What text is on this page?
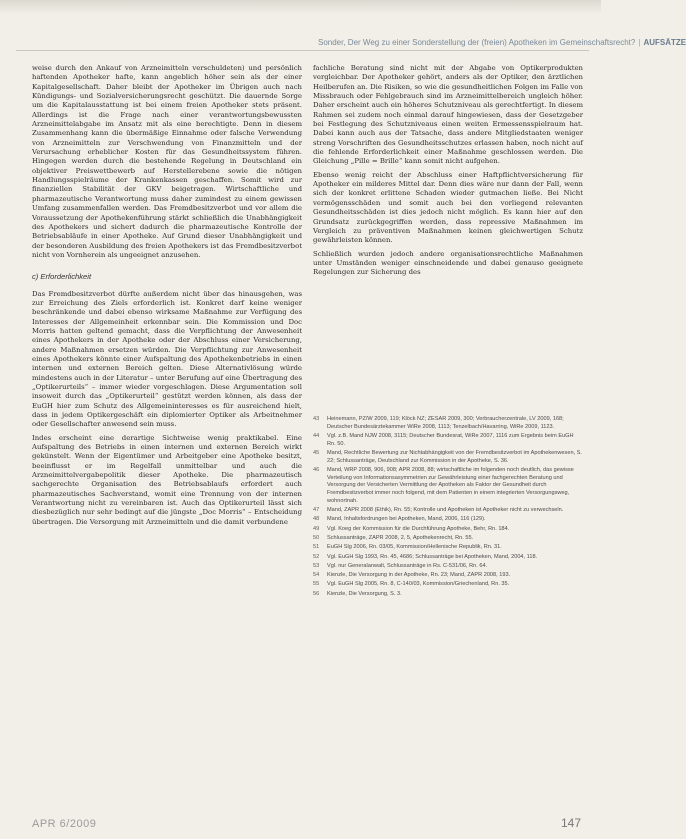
Sonder, Der Weg zu einer Sonderstellung der (freien) Apotheken im Gemeinschaftsrecht? | AUFSÄTZE

weise durch den Ankauf von Arzneimitteln verschuldeten) und persönlich haftenden Apotheker hafte, kann angeblich höher sein als der einer Kapitalgesellschaft. Daher bleibt der Apotheker im Übrigen auch nach Kündigungs- und Sozialversicherungsrecht geschützt. Die dauernde Sorge um die Kapitalausstattung ist bei einem freien Apotheker stets präsent. Allerdings ist die Frage nach einer verantwortungsbewussten Arzneimittelabgabe im Ansatz mit als eine berechtigte. Denn in diesem Zusammenhang kann die übermäßige Einnahme oder falsche Verwendung von Arzneimitteln zur Verschwendung von Finanzmitteln und der Verursachung erheblicher Kosten für das Gesundheitssystem führen. Hingegen werden durch die bestehende Regelung in Deutschland ein objektiver Preiswettbewerb auf Herstellerebene sowie die nötigen Handlungsspielräume der Krankenkassen geschaffen. Somit wird zur finanziellen Stabilität der GKV beigetragen. Wirtschaftliche und pharmazeutische Verantwortung muss daher zumindest zu einem gewissen Umfang zusammenfallen werden. Das Fremdbesitzverbot und vor allem die Voraussetzung der Apothekenführung stärkt schließlich die Unabhängigkeit des Apothekers und sichert dadurch die pharmazeutische Kontrolle der Betriebsabläufe in einer Apotheke. Auf Grund dieser Unabhängigkeit und der besonderen Ausbildung des freien Apothekers ist das Fremdbesitzverbot nicht von Vornherein als ungeeignet anzusehen.

c) Erforderlichkeit

Das Fremdbesitzverbot dürfte außerdem nicht über das hinausgehen, was zur Erreichung des Ziels erforderlich ist. Konkret darf keine weniger beschränkende und dabei ebenso wirksame Maßnahme zur Verfügung des Interesses der Allgemeinheit erkennbar sein. Die Kommission und Doc Morris hatten geltend gemacht, dass die Verpflichtung der Anwesenheit eines Apothekers in der Apotheke oder der Abschluss einer Versicherung, andere Maßnahmen ersetzen würden. Die Verpflichtung zur Anwesenheit eines Apothekers könnte einer Aufspaltung des Apothekenbetriebs in einen internen und externen Bereich gelten. Diese Alternativlösung würde mindestens auch in der Literatur – unter Berufung auf eine Übertragung des „Optikerurteils“ – immer wieder vorgeschlagen. Diese Argumentation soll insoweit durch das „Optikerurteil“ gestützt werden können, als dass der EuGH hier zum Schutz des Allgemeininteresses es für ausreichend hielt, dass in jedem Optikergeschäft ein diplomierter Optiker als Arbeitnehmer oder Gesellschafter anwesend sein muss.

Indes erscheint eine derartige Sichtweise wenig praktikabel. Eine Aufspaltung des Betriebs in einen internen und externen Bereich wirkt gekünstelt. Wenn der Eigentümer und Arbeitgeber eine Apotheke besitzt, beeinflusst er im Regelfall unmittelbar und auch die Arzneimittelvergabepolitik dieser Apotheke. Die pharmazeutisch sachgerechte Organisation des Betriebsablaufs erfordert auch pharmazeutisches Sachverstand, womit eine Trennung von der internen Verantwortung nicht zu vereinbaren ist. Auch das Optikerurteil lässt sich diesbezüglich nur sehr bedingt auf die jüngste „Doc Morris“ – Entscheidung übertragen. Die Versorgung mit Arzneimitteln und die damit verbundene

fachliche Beratung sind nicht mit der Abgabe von Optikerprodukten vergleichbar. Der Apotheker gehört, anders als der Optiker, den ärztlichen Heilberufen an. Die Risiken, so wie die gesundheitlichen Folgen im Falle von Missbrauch oder Fehlgebrauch sind im Arzneimittelbereich ungleich höher. Daher erscheint auch ein höheres Schutzniveau als gerechtfertigt. In diesem Rahmen sei zudem noch einmal darauf hingewiesen, dass der Gesetzgeber bei Festlegung des Schutzniveaus einen weiten Ermessensspielraum hat. Dabei kann auch aus der Tatsache, dass andere Mitgliedstaaten weniger streng Vorschriften des Gesundheitsschutzes erlassen haben, noch nicht auf die fehlende Erforderlichkeit einer Maßnahme geschlossen werden. Die Gleichung „Pille = Brille“ kann somit nicht aufgehen.

Ebenso wenig reicht der Abschluss einer Haftpflichtversicherung für Apotheker ein milderes Mittel dar. Denn dies wäre nur dann der Fall, wenn sich der konkret erlittene Schaden wieder gutmachen ließe. Bei Nicht vermögensschäden und somit auch bei den vorliegend relevanten Gesundheitsschäden ist dies jedoch nicht möglich. Es kann hier auf den Grundsatz zurückgegriffen werden, dass repressive Maßnahmen im Vergleich zu präventiven Maßnahmen keinen gleichwertigen Schutz gewährleisten können.

Schließlich wurden jedoch andere organisationsrechtliche Maßnahmen unter Umständen weniger einschneidende und dabei genauso geeignete Regelungen zur Sicherung des

43	Heinemann, PZ/W 2009, 119; Klöck NZ; ZESAR 2009, 300; Verbraucherzentrale, LV 2009, 168; Deutscher Bundesärztekammer WiRe 2008, 1113; Tenzelbach/Havarring, WiRe 2009, 1123.
44	Vgl. z.B. Mand NJW 2008, 3115; Deutscher Bundesrat, WiRe 2007, 1116 zum Ergebnis beim EuGH Rn. 50.
45	Mand, Rechtliche Bewertung zur Nichtabhängigkeit von der Fremdbesitzverbot im Apothekenwesen, S. 22; Schlussanträge, Deutschland zur Kommission in der Apotheke, S. 36.
46	Mand, WRP 2008, 906, 908; APR 2008, 88; wirtschaftliche im folgenden noch deutlich, das gewisse Verteilung von Informationsasymmetrien zur Gewährleistung einer fachgerechten Beratung und Versorgung der Versicherten Vermittlung der Apotheken als Faktor der Gesundheit durch Fremdbesitzverbot immer noch folgend, mit dem Patienten in einem integrierten Versorgungsweg, wohnortnah.
47	Mand, ZAPR 2008 (Ethik), Rn. 55; Kontrolle und Apotheken ist Apotheker nicht zu verwechseln.
48	Mand, Inhaltsfordrungen bei Apotheken, Mand, 2006, 116 (129).
49	Vgl. Koeg der Kommission für die Durchführung Apotheke, Behr, Rn. 184.
50	Schlussanträge, ZAPR 2008, 2, 5, Apothekenrecht, Rn. 55.
51	EuGH Slg 2006, Rn. 03/05, Kommission/Hellenische Republik, Rn. 31.
52	Vgl. EuGH Slg 1993, Rn. 45, 4686; Schlussanträge bei Apotheken, Mand, 2004, 118.
53	Vgl. nur Generalanwalt, Schlussanträge in Rs. C-531/06, Rn. 64.
54	Kienzle, Die Versorgung in der Apotheke, Rn. 23; Mand, ZAPR 2008, 193.
55	Vgl. EuGH Slg 2005, Rn. 8, C-140/03, Kommission/Griechenland, Rn. 35.
56	Kienzle, Die Versorgung, S. 3.
APR 6/2009	147
